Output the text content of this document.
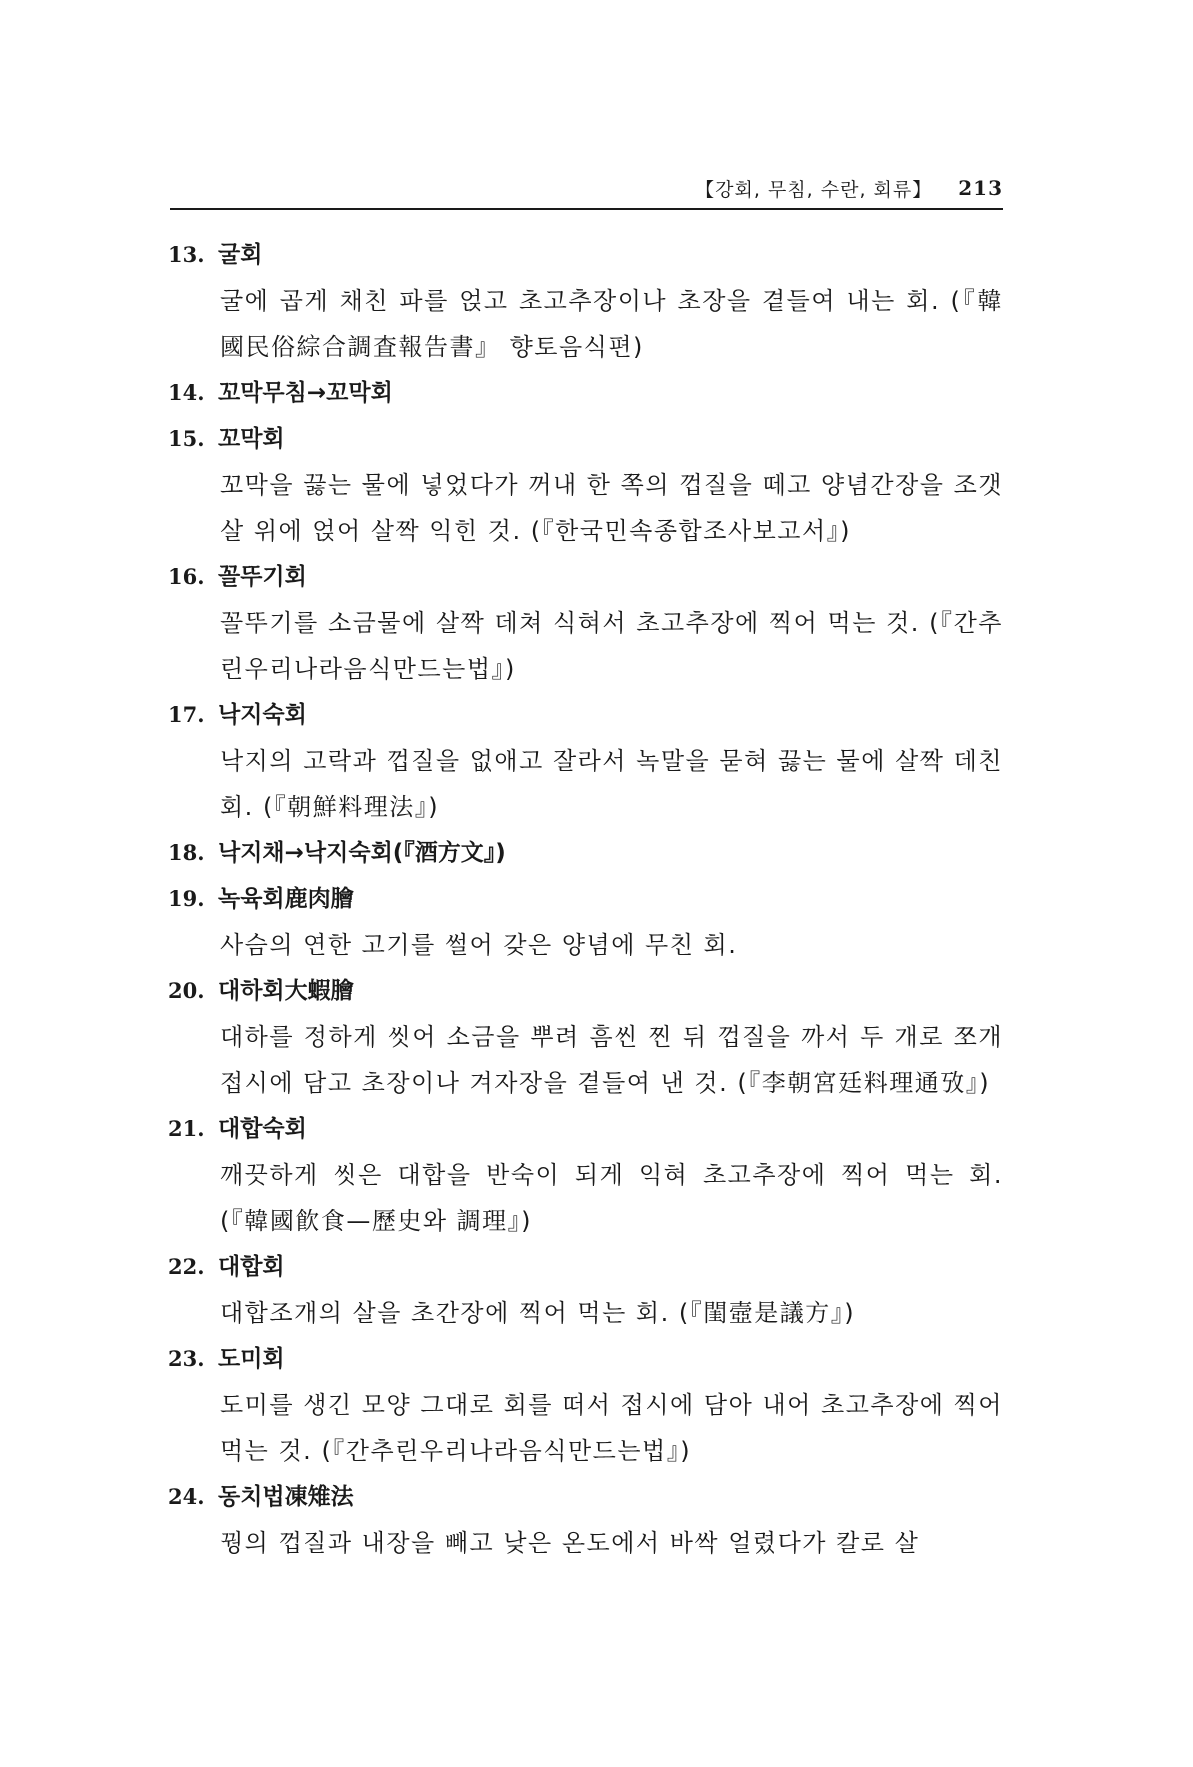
【강회, 무침, 수란, 회류】 213
13. 굴회
굴에 곱게 채친 파를 얹고 초고추장이나 초장을 곁들여 내는 회. (『韓國民俗綜合調査報告書』 향토음식편)
14. 꼬막무침→꼬막회
15. 꼬막회
꼬막을 끓는 물에 넣었다가 꺼내 한 쪽의 껍질을 떼고 양념간장을 조갯살 위에 얹어 살짝 익힌 것. (『한국민속종합조사보고서』)
16. 꼴뚜기회
꼴뚜기를 소금물에 살짝 데쳐 식혀서 초고추장에 찍어 먹는 것. (『간추린우리나라음식만드는법』)
17. 낙지숙회
낙지의 고락과 껍질을 없애고 잘라서 녹말을 묻혀 끓는 물에 살짝 데친 회. (『朝鮮料理法』)
18. 낙지채→낙지숙회(『酒方文』)
19. 녹육회鹿肉膾
사슴의 연한 고기를 썰어 갖은 양념에 무친 회.
20. 대하회大蝦膾
대하를 정하게 씻어 소금을 뿌려 흠씬 찐 뒤 껍질을 까서 두 개로 쪼개 접시에 담고 초장이나 겨자장을 곁들여 낸 것. (『李朝宮廷料理通攷』)
21. 대합숙회
깨끗하게 씻은 대합을 반숙이 되게 익혀 초고추장에 찍어 먹는 회. (『韓國飮食—歷史와 調理』)
22. 대합회
대합조개의 살을 초간장에 찍어 먹는 회. (『閨壼是議方』)
23. 도미회
도미를 생긴 모양 그대로 회를 떠서 접시에 담아 내어 초고추장에 찍어 먹는 것. (『간추린우리나라음식만드는법』)
24. 동치법凍雉法
꿩의 껍질과 내장을 빼고 낮은 온도에서 바싹 얼렸다가 칼로 살
